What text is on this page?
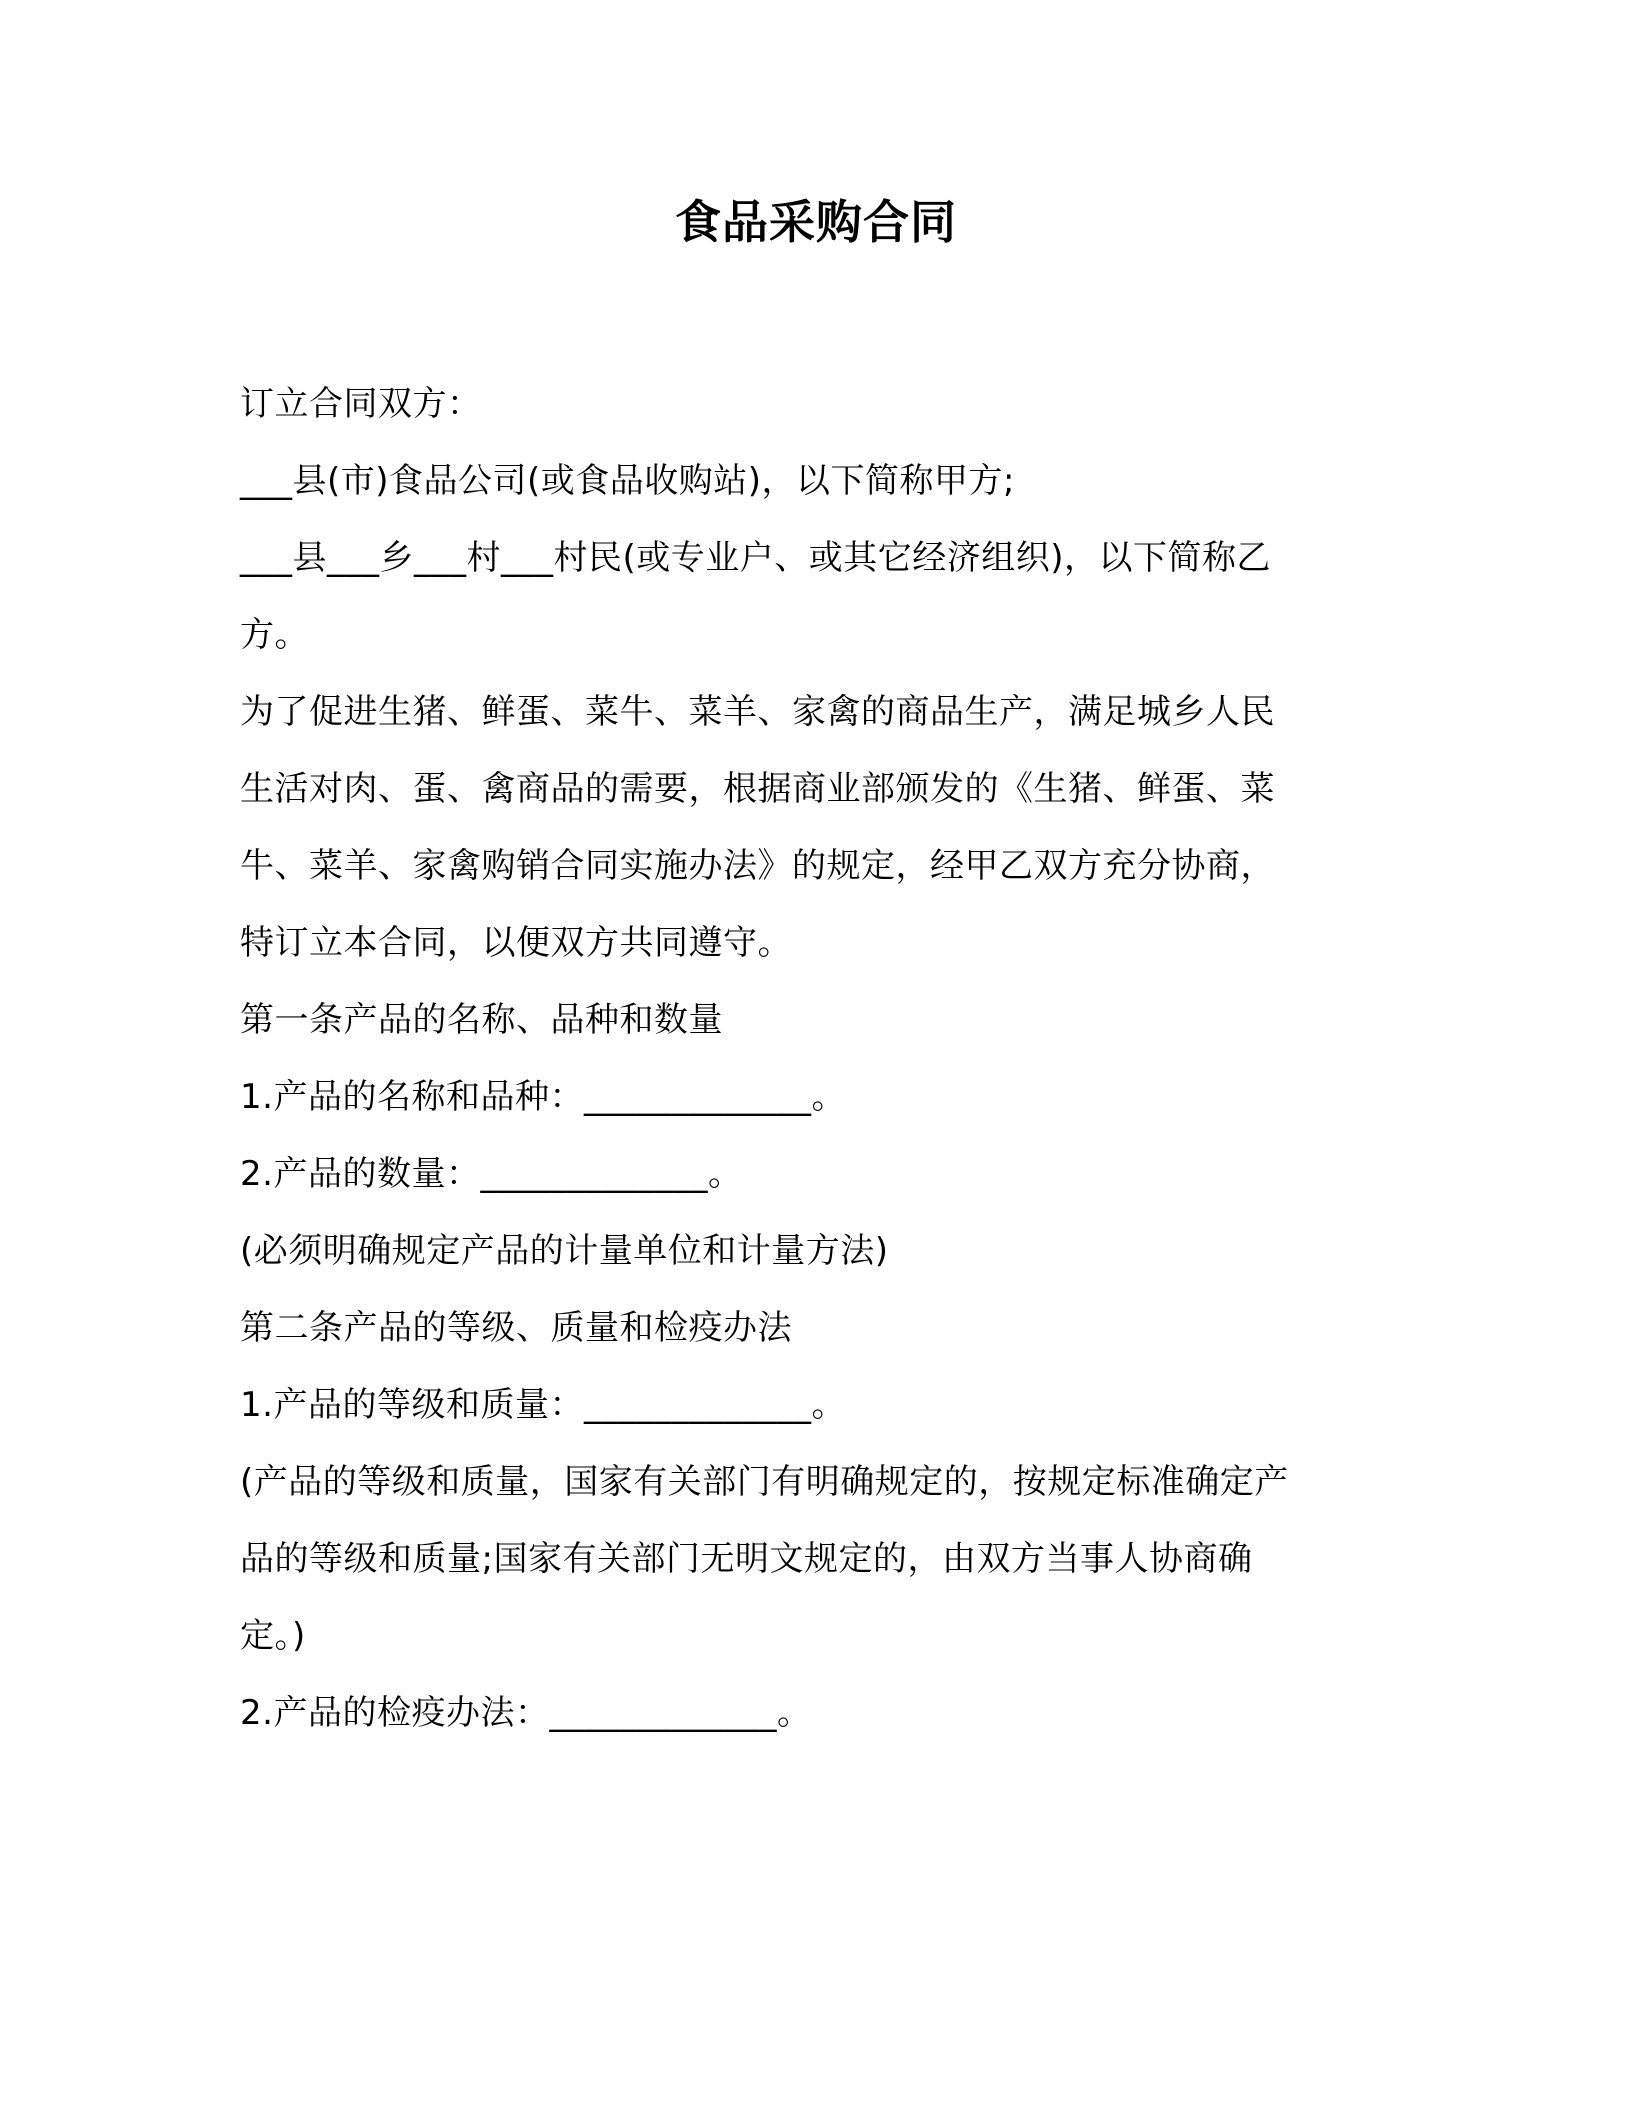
食品采购合同
订立合同双方：
___县(市)食品公司(或食品收购站)，以下简称甲方;
___县___乡___村___村民(或专业户、或其它经济组织)，以下简称乙
方。
为了促进生猪、鲜蛋、菜牛、菜羊、家禽的商品生产，满足城乡人民
生活对肉、蛋、禽商品的需要，根据商业部颁发的《生猪、鲜蛋、菜
牛、菜羊、家禽购销合同实施办法》的规定，经甲乙双方充分协商，
特订立本合同，以便双方共同遵守。
第一条产品的名称、品种和数量
1.产品的名称和品种：_____________。
2.产品的数量：_____________。
(必须明确规定产品的计量单位和计量方法)
第二条产品的等级、质量和检疫办法
1.产品的等级和质量：_____________。
(产品的等级和质量，国家有关部门有明确规定的，按规定标准确定产
品的等级和质量;国家有关部门无明文规定的，由双方当事人协商确
定。)
2.产品的检疫办法：_____________。
